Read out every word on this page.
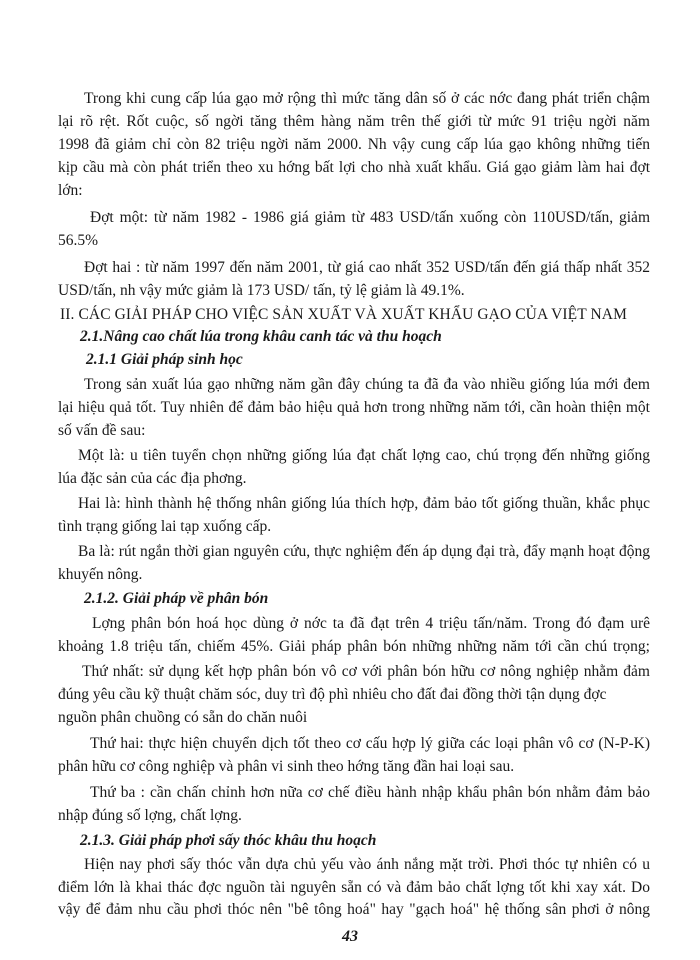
Trong khi cung cấp lúa gạo mở rộng thì mức tăng dân số ở các nớc đang phát triển chậm
lại rõ rệt. Rốt cuộc, số ngời tăng thêm hàng năm trên thế giới từ mức 91 triệu ngời năm
1998 đã giảm chỉ còn 82 triệu ngời năm 2000. Nh vậy cung cấp lúa gạo không những tiến
kịp cầu mà còn phát triển theo xu hớng bất lợi cho nhà xuất khẩu. Giá gạo giảm làm hai đợt
lớn:
Đợt một: từ năm 1982 - 1986 giá giảm từ 483 USD/tấn xuống còn 110USD/tấn, giảm
56.5%
Đợt hai : từ năm 1997 đến năm 2001, từ giá cao nhất 352 USD/tấn đến giá thấp nhất 352
USD/tấn, nh vậy mức giảm là 173 USD/ tấn, tỷ lệ giảm là 49.1%.
II. CÁC GIẢI PHÁP CHO VIỆC SẢN XUẤT VÀ XUẤT KHẨU GẠO CỦA VIỆT NAM
2.1.Nâng cao chất lúa trong khâu canh tác và thu hoạch
2.1.1 Giải pháp sinh học
Trong sản xuất lúa gạo những năm gần đây chúng ta đã đa vào nhiều giống lúa mới đem
lại hiệu quả tốt. Tuy nhiên để đảm bảo hiệu quả hơn trong những năm tới, cần hoàn thiện một
số vấn đề sau:
Một là: u tiên tuyển chọn những giống lúa đạt chất lợng cao, chú trọng đến những giống
lúa đặc sản của các địa phơng.
Hai là: hình thành hệ thống nhân giống lúa thích hợp, đảm bảo tốt giống thuần, khắc phục
tình trạng giống lai tạp xuống cấp.
Ba là: rút ngắn thời gian nguyên cứu, thực nghiệm đến áp dụng đại trà, đẩy mạnh hoạt động
khuyến nông.
2.1.2. Giải pháp về phân bón
Lợng phân bón hoá học dùng ở nớc ta đã đạt trên 4 triệu tấn/năm. Trong đó đạm urê
khoảng 1.8 triệu tấn, chiếm 45%. Giải pháp phân bón những những năm tới cần chú trọng;
Thứ nhất: sử dụng kết hợp phân bón vô cơ với phân bón hữu cơ nông nghiệp nhằm đảm
đúng yêu cầu kỹ thuật chăm sóc, duy trì độ phì nhiêu cho đất đai đồng thời tận dụng đợc
nguồn phân chuồng có sẵn do chăn nuôi
Thứ hai: thực hiện chuyển dịch tốt theo cơ cấu hợp lý giữa các loại phân vô cơ (N-P-K)
phân hữu cơ công nghiệp và phân vi sinh theo hớng tăng đần hai loại sau.
Thứ ba : cần chấn chỉnh hơn nữa cơ chế điều hành nhập khẩu phân bón nhằm đảm bảo
nhập đúng số lợng, chất lợng.
2.1.3. Giải pháp phơi sấy thóc khâu thu hoạch
Hiện nay phơi sấy thóc vẫn dựa chủ yếu vào ánh nắng mặt trời. Phơi thóc tự nhiên có u
điểm lớn là khai thác đợc nguồn tài nguyên sẵn có và đảm bảo chất lợng tốt khi xay xát. Do
vậy để đảm nhu cầu phơi thóc nên "bê tông hoá" hay "gạch hoá" hệ thống sân phơi ở nông
43
